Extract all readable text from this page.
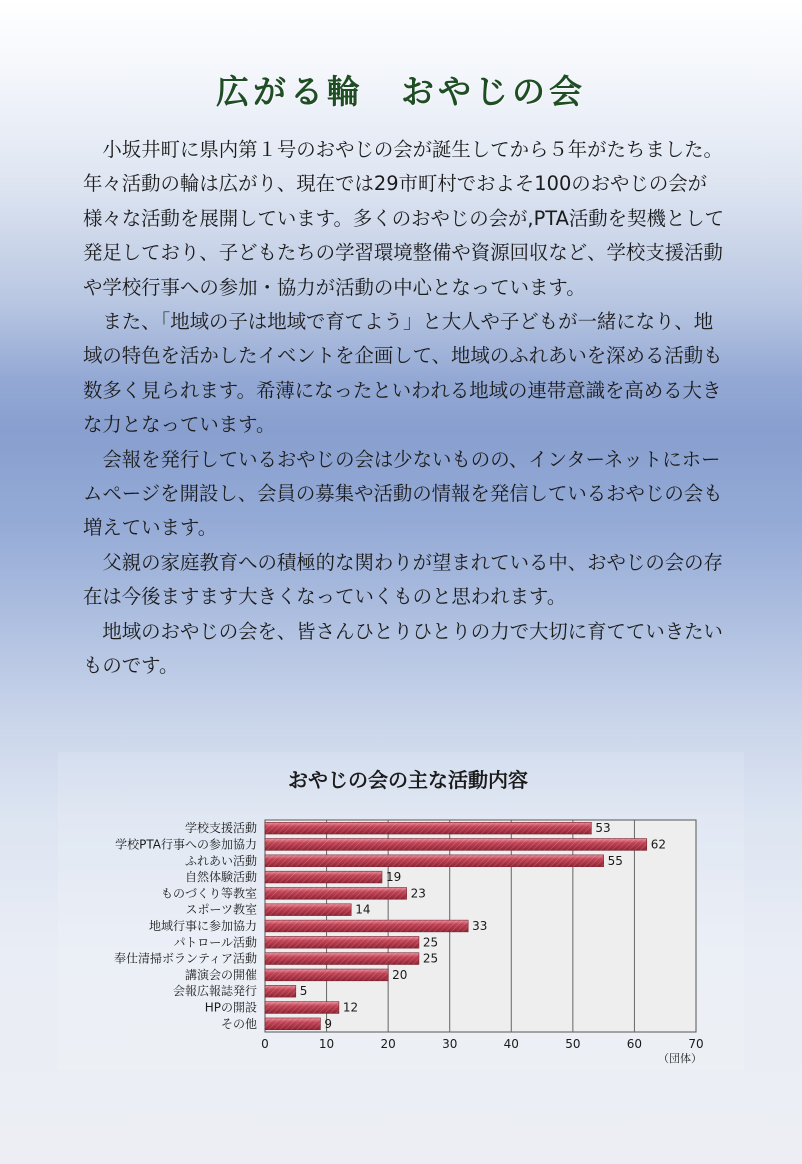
広がる輪　おやじの会

小坂井町に県内第１号のおやじの会が誕生してから５年がたちました。年々活動の輪は広がり、現在では29市町村でおよそ100のおやじの会が様々な活動を展開しています。多くのおやじの会が,PTA活動を契機として発足しており、子どもたちの学習環境整備や資源回収など、学校支援活動や学校行事への参加・協力が活動の中心となっています。

また、「地域の子は地域で育てよう」と大人や子どもが一緒になり、地域の特色を活かしたイベントを企画して、地域のふれあいを深める活動も数多く見られます。希薄になったといわれる地域の連帯意識を高める大きな力となっています。

会報を発行しているおやじの会は少ないものの、インターネットにホームページを開設し、会員の募集や活動の情報を発信しているおやじの会も増えています。

父親の家庭教育への積極的な関わりが望まれている中、おやじの会の存在は今後ますます大きくなっていくものと思われます。

地域のおやじの会を、皆さんひとりひとりの力で大切に育てていきたいものです。

おやじの会の主な活動内容
0	10	20	30	40	50	60	70
（団体）
学校支援活動	53
学校PTA行事への参加協力	62
ふれあい活動	55
自然体験活動	19
ものづくり等教室	23
スポーツ教室	14
地域行事に参加協力	33
パトロール活動	25
奉仕清掃ボランティア活動	25
講演会の開催	20
会報広報誌発行	5
HPの開設	12
その他	9
